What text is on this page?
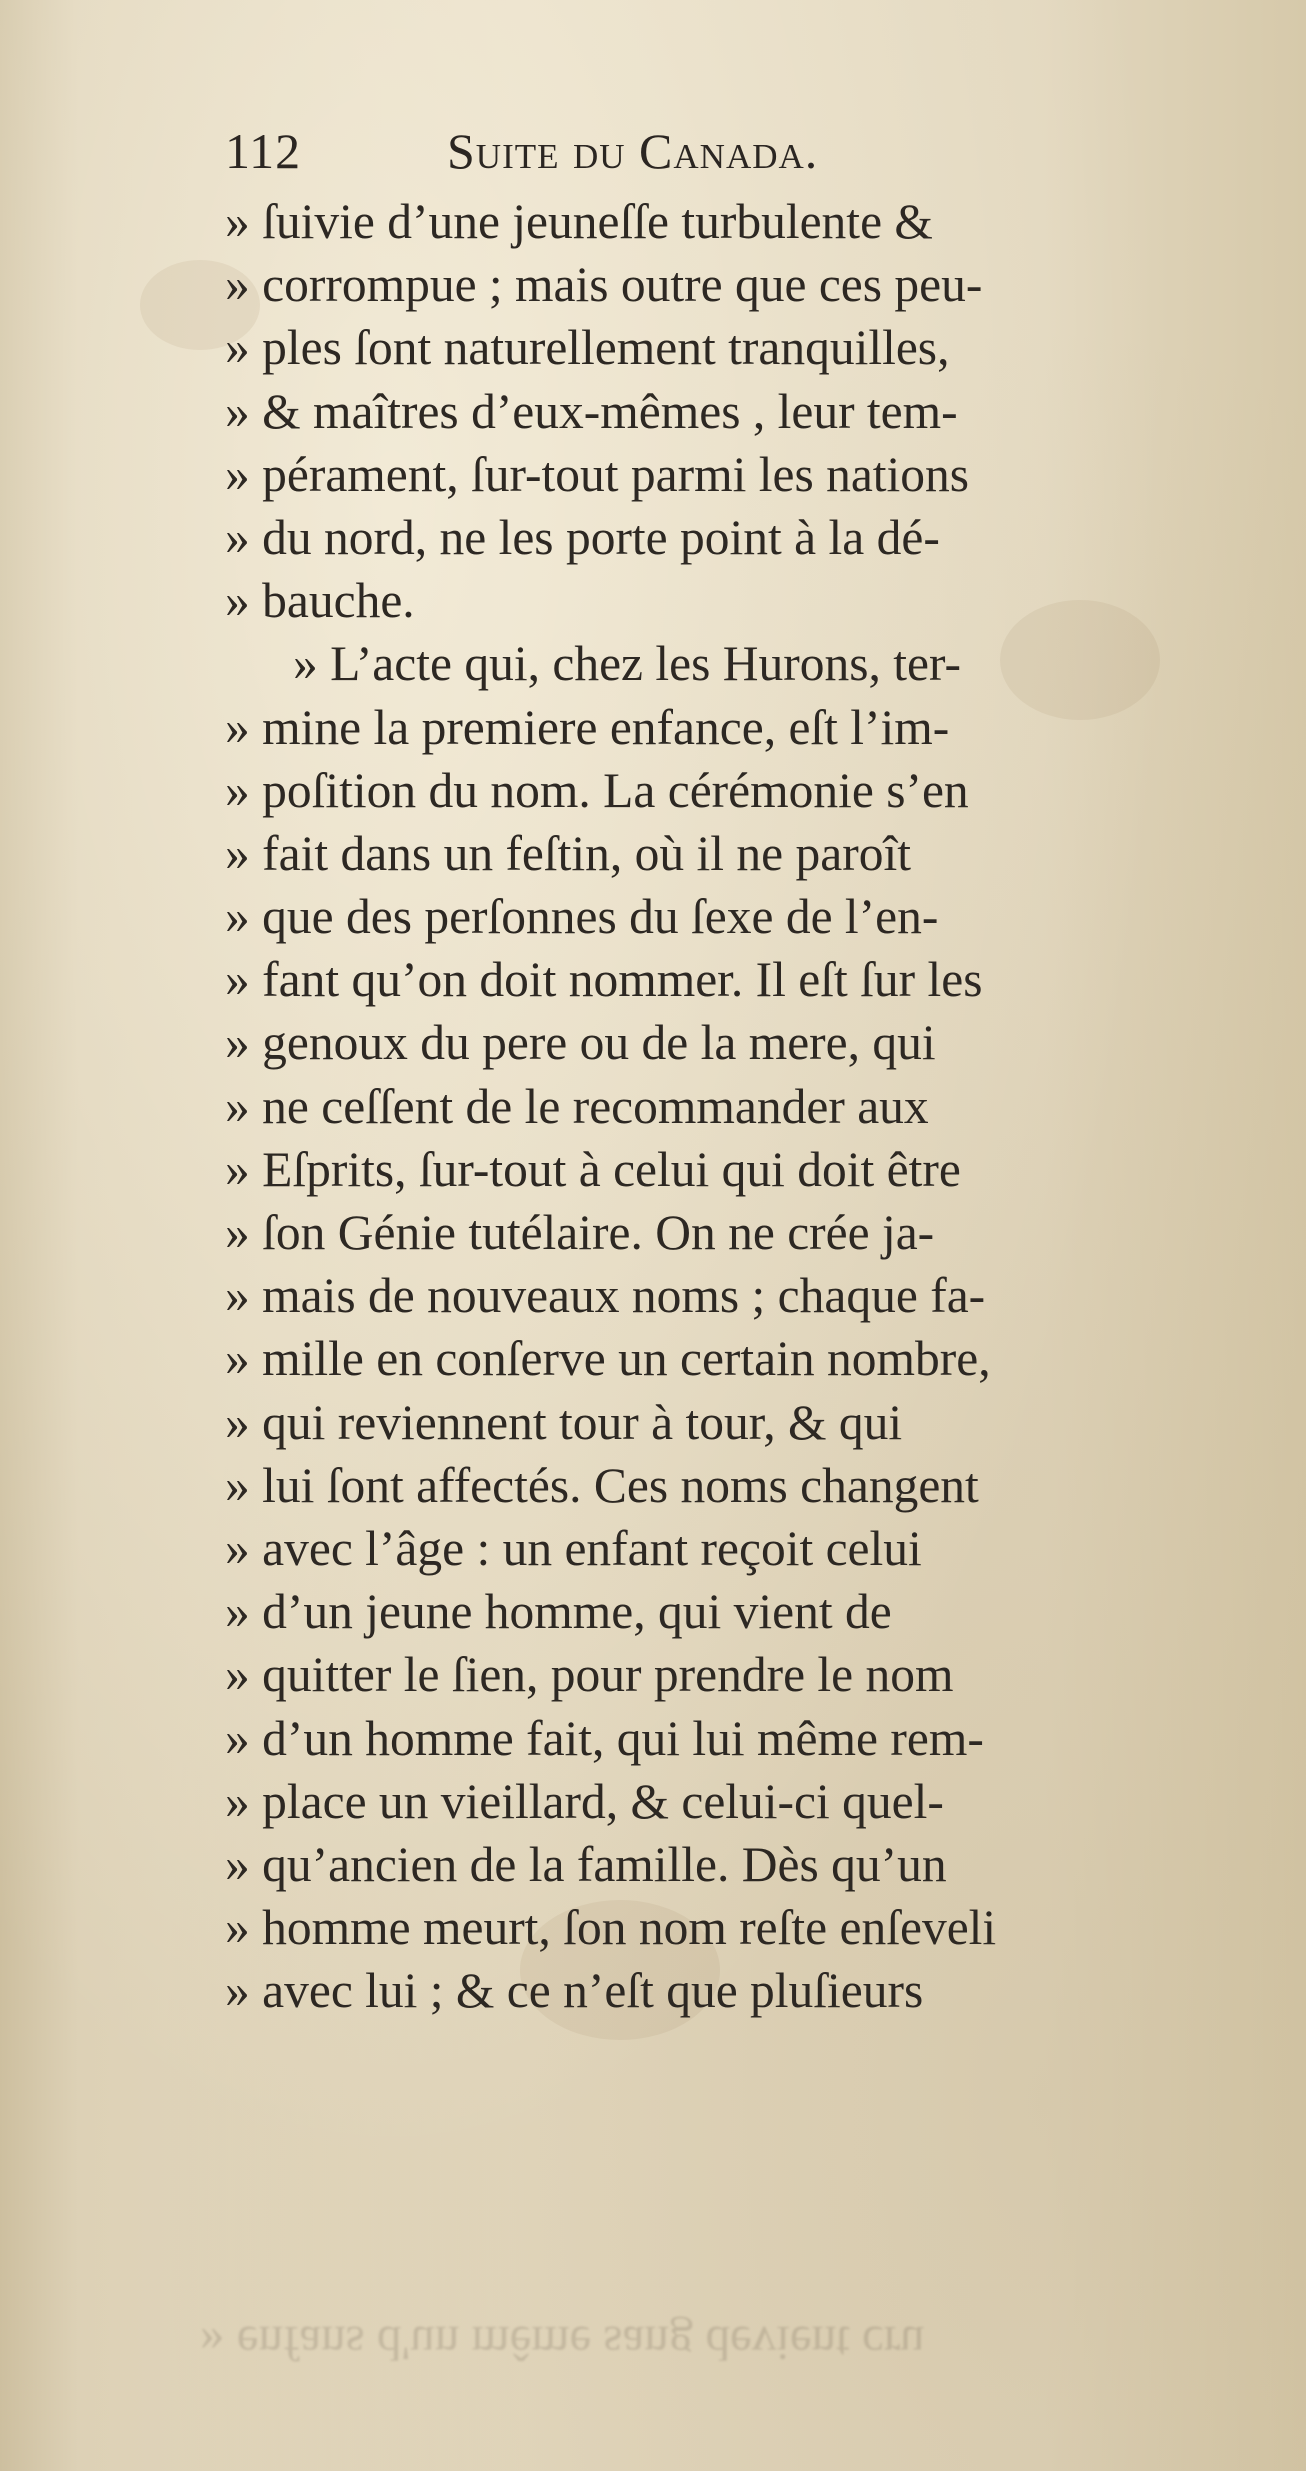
112	Suite du Canada.
» ſuivie d’une jeuneſſe turbulente &
» corrompue ; mais outre que ces peu-
» ples ſont naturellement tranquilles,
» & maîtres d’eux-mêmes , leur tem-
» pérament, ſur-tout parmi les nations
» du nord, ne les porte point à la dé-
» bauche.
» L’acte qui, chez les Hurons, ter-
» mine la premiere enfance, eſt l’im-
» poſition du nom. La cérémonie s’en
» fait dans un feſtin, où il ne paroît
» que des perſonnes du ſexe de l’en-
» fant qu’on doit nommer. Il eſt ſur les
» genoux du pere ou de la mere, qui
» ne ceſſent de le recommander aux
» Eſprits, ſur-tout à celui qui doit être
» ſon Génie tutélaire. On ne crée ja-
» mais de nouveaux noms ; chaque fa-
» mille en conſerve un certain nombre,
» qui reviennent tour à tour, & qui
» lui ſont affectés. Ces noms changent
» avec l’âge : un enfant reçoit celui
» d’un jeune homme, qui vient de
» quitter le ſien, pour prendre le nom
» d’un homme fait, qui lui même rem-
» place un vieillard, & celui-ci quel-
» qu’ancien de la famille. Dès qu’un
» homme meurt, ſon nom reſte enſeveli
» avec lui ; & ce n’eſt que pluſieurs
» enfans d'un même sang devient cru
